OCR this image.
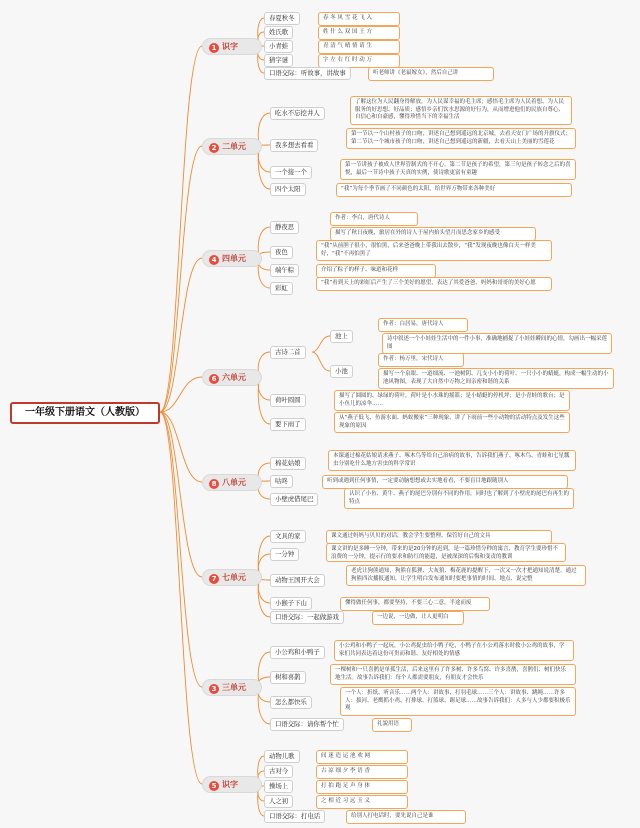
一年级下册语文（人教版）
1 识字
春夏秋冬	春 冬 风 雪 花 飞 入
姓氏歌	姓 什 么 双 国 王 方
小青蛙	青 清 气 晴 情 请 生
猜字谜	字 左 右 红 时 动 万
口语交际：听故事，讲故事	听老师讲《老鼠嫁女》，然后自己讲
2 二单元
吃水不忘挖井人
了解这位为人民翻身得解放，为人民谋幸福的毛主席；感悟毛主席为人民着想、为人民服务的好思想、好品质；感悟乡亲们饮水思源的好行为，从而增进他们的民族自尊心、自信心和自豪感，懂得珍惜当下的幸福生活
我多想去看看
第一节以一个山村孩子的口吻，讲述自己想到遥远的北京城，去看天安门广场的升旗仪式；第二节以一个城市孩子的口吻，讲述自己想到遥远的新疆，去看天山上美丽的雪莲花
一个接一个
第一节讲孩子被成人世界管制式的不开心。第二节是孩子的希望，第三句是孩子转念之后的喜悦，最后一节诗中孩子天真的实例，使诗歌更富有童趣
四个太阳	“我”为每个季节画了不同颜色的太阳，给世界万物带来各种美好
4 四单元
静夜思
作者：李白，唐代诗人
描写了秋日夜晚，旅居在外的诗人于屋内抬头望月而思念家乡的感受
夜色
“我”从前胆子很小，很怕黑，后来爸爸晚上带我出去散步，“我”发现夜晚也像白天一样美好，“我”不再怕黑了
端午粽	介绍了粽子的样子、味道和花样
彩虹
“我”看到天上的彩虹后产生了三个美好的愿望，表达了其爱爸爸、妈妈和哥哥的美好心愿
6 六单元
古诗二首
池上
作者：白居易，唐代诗人
诗中叙述一个小娃娃生活中的一件小事，准确地捕捉了小娃娃瞬间的心情，勾画出一幅采莲图
小池
作者：杨万里，宋代诗人
描写一个泉眼、一道细流、一池树阴、几支小小的荷叶、一只小小的蜻蜓，构成一幅生动的小池风物图，表现了大自然中万物之间亲密和谐的关系
荷叶圆圆	描写了圆圆的、绿绿的荷叶，荷叶是小水珠的摇篮；是小蜻蜓的停机坪；是小青蛙的歌台；是小鱼儿的凉伞……
要下雨了
从“燕子低飞、鱼游水面、蚂蚁搬家”三种现象，讲了下雨前一些小动物的活动特点及发生这些现象的原因
8 八单元
棉花姑娘
本课通过棉花姑娘请求燕子、啄木鸟等给自己治病的故事，告诉我们燕子、啄木鸟、青蛙和七星瓢虫分别吃什么地方害虫的科学常识
咕咚	听到或遇到任何事情，一定要动脑想想或去实地看看，不要盲目地跟随别人
小壁虎借尾巴
认识了小鱼、黄牛、燕子的尾巴分别有不同的作用，同时也了解到了小壁虎的尾巴有再生的特点
7 七单元
文具的家	课文通过妈妈与贝贝的对话，教会学生要整理、保管好自己的文具
一分钟
课文讲的是多睡一分钟，带来的是20分钟的迟到，是一篇珍惜分秒的寓言，教育学生要珍惜不浪费的一分钟，提示行的要求和防红的能超，是被深深的后悔和变责的教训
动物王国开大会
老虎让狗熊通知，狗熊在狐狸、大灰狼、梅花鹿的提醒下，一次又一次才把通知说清楚。通过狗熊四次播报通知，让学生明白发布通知时要把事情的时间、地点、说完整
小猴子下山	懂得做任何事，都要坚持，不要三心二意，半途而废
口语交际：一起做游戏	一边说，一边做，让人更明白
3 三单元
小公鸡和小鸭子
小公鸡和小鸭子一起玩，小公鸡捉虫给小鸭子吃，小鸭子在小公鸡落水时救小公鸡的故事，学家们共同表达着这份可贵而和谐、友好相处的情感
树和喜鹊
一棵树和一只喜鹊是单孤生活，后来这里有了许多树、许多鸟窝、许多喜鹊，喜鹊们、树们快乐地生活。故事告诉我们：每个人都需要朋友，有朋友才会快乐
怎么都快乐
一个人：折纸、听音乐……两个人：讲故事、打羽毛球……三个人：讲故事、跳绳……许多人：拔河、老鹰抓小鸡、打排球、打篮球、踢足球……故事告诉我们：人多与人少都要积极乐观
口语交际：请你帮个忙	礼貌用语
5 识字
动物儿歌	间 迷 造 运 池 欢 网
古对今	古 凉 细 夕 李 语 香
操场上	打 拍 跑 足 声 身 体
人之初	之 相 近 习 远 玉 义
口语交际：打电话	给别人打电话时，要先说自己是谁
